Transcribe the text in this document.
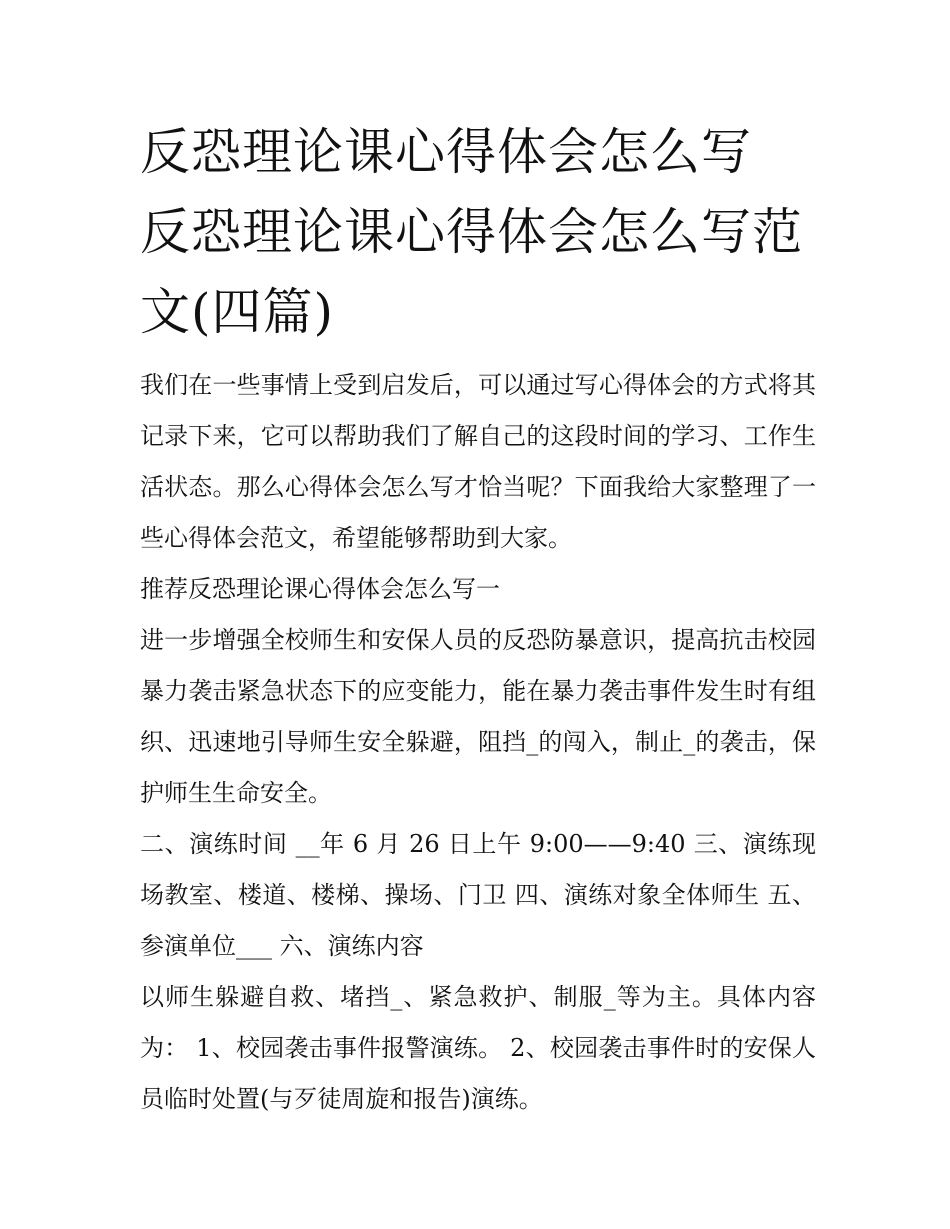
反恐理论课心得体会怎么写 反恐理论课心得体会怎么写范文(四篇)

我们在一些事情上受到启发后，可以通过写心得体会的方式将其记录下来，它可以帮助我们了解自己的这段时间的学习、工作生活状态。那么心得体会怎么写才恰当呢？下面我给大家整理了一些心得体会范文，希望能够帮助到大家。

推荐反恐理论课心得体会怎么写一

进一步增强全校师生和安保人员的反恐防暴意识，提高抗击校园暴力袭击紧急状态下的应变能力，能在暴力袭击事件发生时有组织、迅速地引导师生安全躲避，阻挡_的闯入，制止_的袭击，保护师生生命安全。

二、演练时间 __年 6 月 26 日上午 9:00——9:40 三、演练现场教室、楼道、楼梯、操场、门卫 四、演练对象全体师生 五、参演单位___ 六、演练内容

以师生躲避自救、堵挡_、紧急救护、制服_等为主。具体内容为： 1、校园袭击事件报警演练。 2、校园袭击事件时的安保人员临时处置(与歹徒周旋和报告)演练。
